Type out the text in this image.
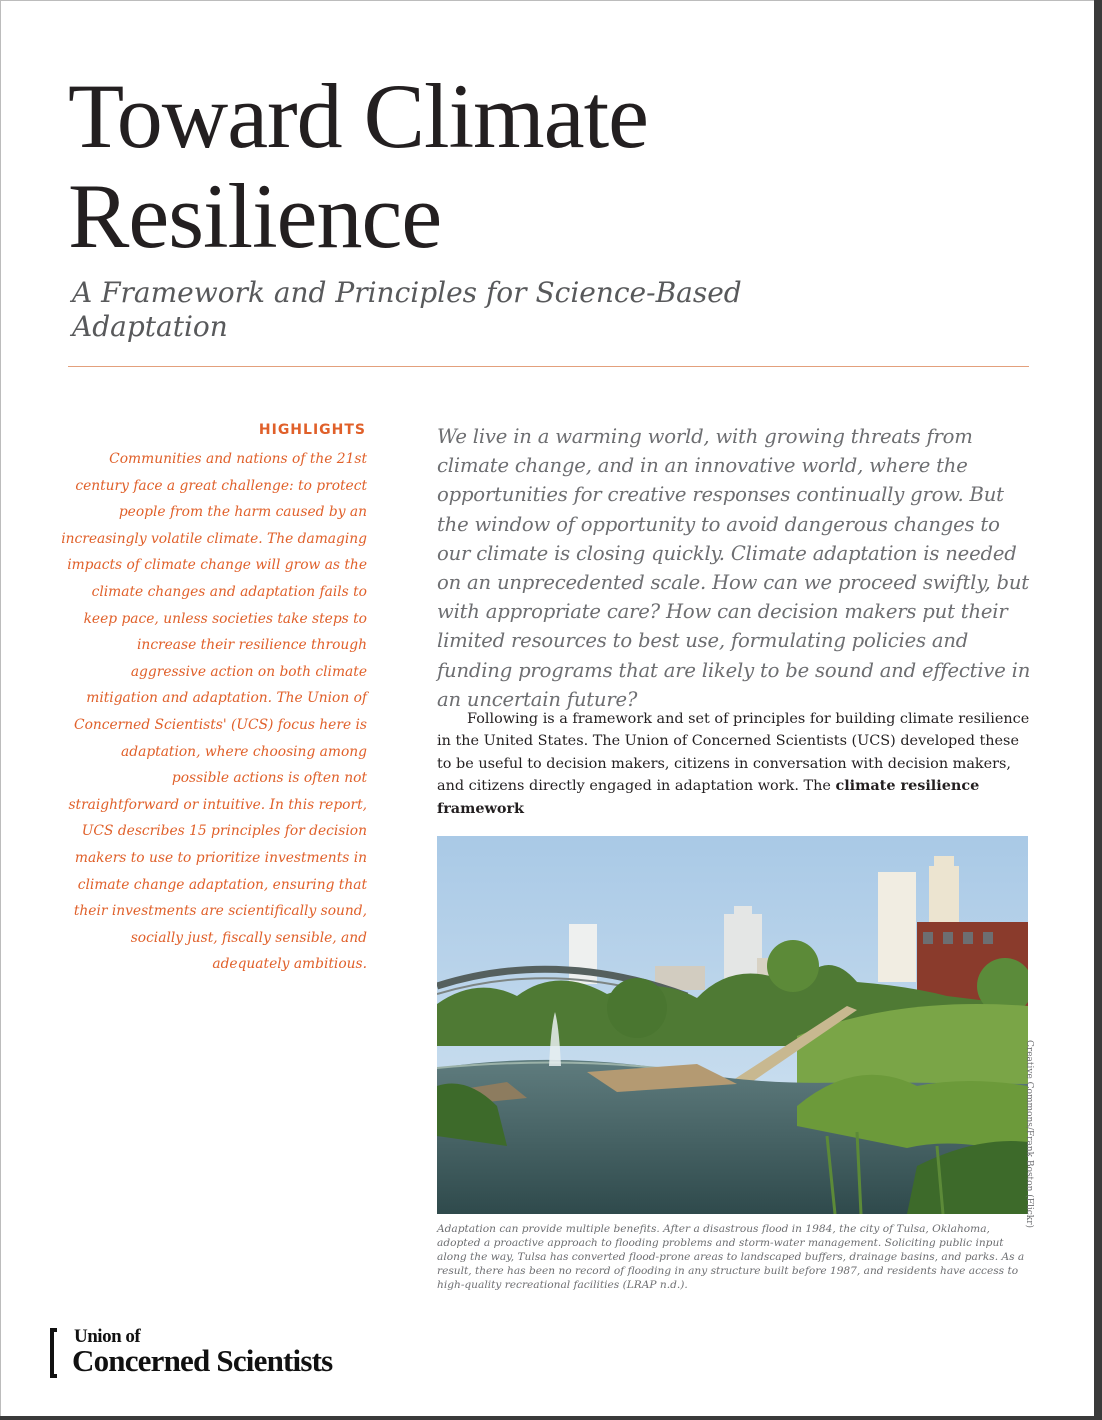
Toward Climate Resilience

A Framework and Principles for Science-Based Adaptation

HIGHLIGHTS

Communities and nations of the 21st century face a great challenge: to protect people from the harm caused by an increasingly volatile climate. The damaging impacts of climate change will grow as the climate changes and adaptation fails to keep pace, unless societies take steps to increase their resilience through aggressive action on both climate mitigation and adaptation. The Union of Concerned Scientists' (UCS) focus here is adaptation, where choosing among possible actions is often not straightforward or intuitive. In this report, UCS describes 15 principles for decision makers to use to prioritize investments in climate change adaptation, ensuring that their investments are scientifically sound, socially just, fiscally sensible, and adequately ambitious.

We live in a warming world, with growing threats from climate change, and in an innovative world, where the opportunities for creative responses continually grow. But the window of opportunity to avoid dangerous changes to our climate is closing quickly. Climate adaptation is needed on an unprecedented scale. How can we proceed swiftly, but with appropriate care? How can decision makers put their limited resources to best use, formulating policies and funding programs that are likely to be sound and effective in an uncertain future?

Following is a framework and set of principles for building climate resilience in the United States. The Union of Concerned Scientists (UCS) developed these to be useful to decision makers, citizens in conversation with decision makers, and citizens directly engaged in adaptation work. The climate resilience framework

Creative Commons/Frank Boston (Flickr)

Adaptation can provide multiple benefits. After a disastrous flood in 1984, the city of Tulsa, Oklahoma, adopted a proactive approach to flooding problems and storm-water management. Soliciting public input along the way, Tulsa has converted flood-prone areas to landscaped buffers, drainage basins, and parks. As a result, there has been no record of flooding in any structure built before 1987, and residents have access to high-quality recreational facilities (LRAP n.d.).

Union of
Concerned Scientists
